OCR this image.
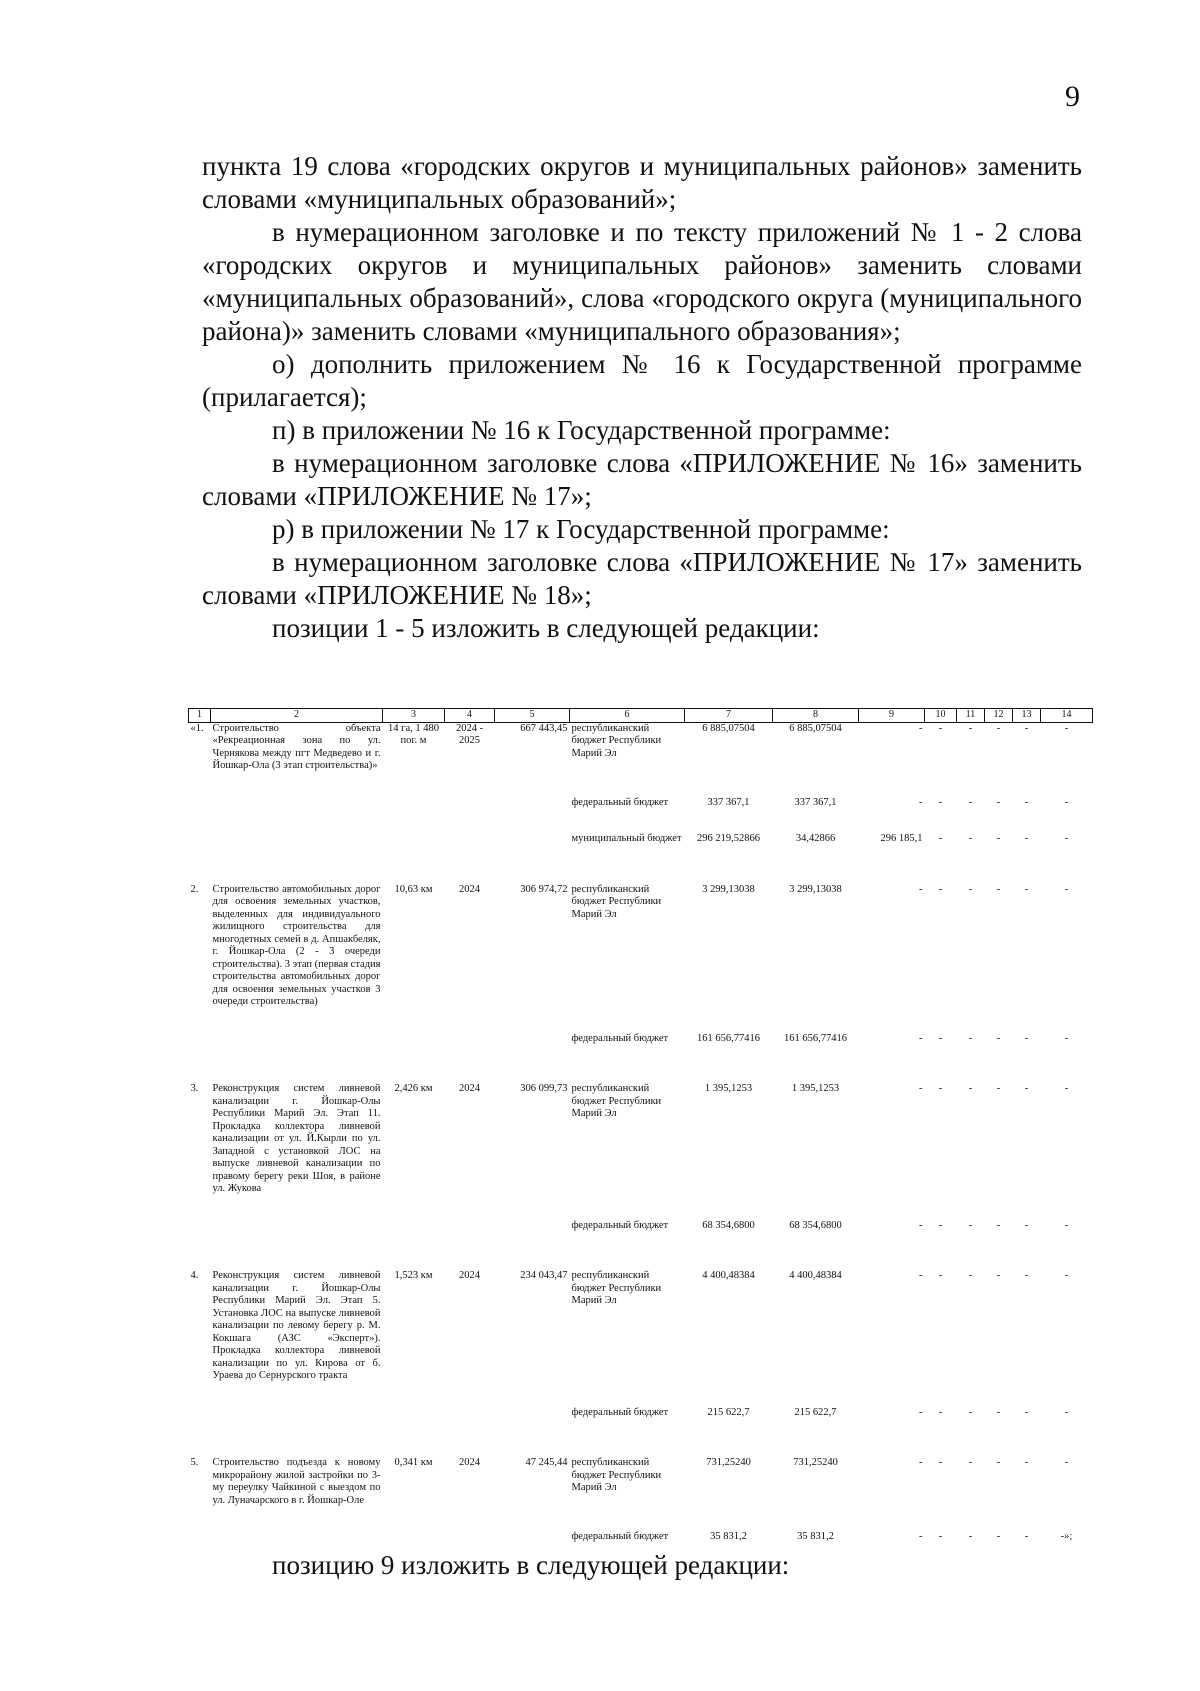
9

пункта 19 слова «городских округов и муниципальных районов» заменить словами «муниципальных образований»;

в нумерационном заголовке и по тексту приложений № 1 - 2 слова «городских округов и муниципальных районов» заменить словами «муниципальных образований», слова «городского округа (муниципального района)» заменить словами «муниципального образования»;

о) дополнить приложением № 16 к Государственной программе (прилагается);

п) в приложении № 16 к Государственной программе:

в нумерационном заголовке слова «ПРИЛОЖЕНИЕ № 16» заменить словами «ПРИЛОЖЕНИЕ № 17»;

р) в приложении № 17 к Государственной программе:

в нумерационном заголовке слова «ПРИЛОЖЕНИЕ № 17» заменить словами «ПРИЛОЖЕНИЕ № 18»;

позиции 1 - 5 изложить в следующей редакции:

1	2	3	4	5	6	7	8	9	10	11	12	13	14
«1.	Строительство объекта «Рекреационная зона по ул. Чернякова между пгт Медведево и г. Йошкар-Ола (3 этап строительства)»	14 га, 1 480 пог. м	2024 - 2025	667 443,45	республиканский бюджет Республики Марий Эл	6 885,07504	6 885,07504	-	-	-	-	-	-

					федеральный бюджет	337 367,1	337 367,1	-	-	-	-	-	-

					муниципальный бюджет	296 219,52866	34,42866	296 185,1	-	-	-	-	-

2.	Строительство автомобильных дорог для освоения земельных участков, выделенных для индивидуального жилищного строительства для многодетных семей в д. Апшакбеляк, г. Йошкар-Ола (2 - 3 очереди строительства). 3 этап (первая стадия строительства автомобильных дорог для освоения земельных участков 3 очереди строительства)	10,63 км	2024	306 974,72	республиканский бюджет Республики Марий Эл	3 299,13038	3 299,13038	-	-	-	-	-	-

					федеральный бюджет	161 656,77416	161 656,77416	-	-	-	-	-	-

3.	Реконструкция систем ливневой канализации г. Йошкар-Олы Республики Марий Эл. Этап 11. Прокладка коллектора ливневой канализации от ул. Й.Кырли по ул. Западной с установкой ЛОС на выпуске ливневой канализации по правому берегу реки Шоя, в районе ул. Жукова	2,426 км	2024	306 099,73	республиканский бюджет Республики Марий Эл	1 395,1253	1 395,1253	-	-	-	-	-	-

					федеральный бюджет	68 354,6800	68 354,6800	-	-	-	-	-	-

4.	Реконструкция систем ливневой канализации г. Йошкар-Олы Республики Марий Эл. Этап 5. Установка ЛОС на выпуске ливневой канализации по левому берегу р. М. Кокшага (АЗС «Эксперт»). Прокладка коллектора ливневой канализации по ул. Кирова от б. Ураева до Сернурского тракта	1,523 км	2024	234 043,47	республиканский бюджет Республики Марий Эл	4 400,48384	4 400,48384	-	-	-	-	-	-

					федеральный бюджет	215 622,7	215 622,7	-	-	-	-	-	-

5.	Строительство подъезда к новому микрорайону жилой застройки по 3-му переулку Чайкиной с выездом по ул. Луначарского в г. Йошкар-Оле	0,341 км	2024	47 245,44	республиканский бюджет Республики Марий Эл	731,25240	731,25240	-	-	-	-	-	-

					федеральный бюджет	35 831,2	35 831,2	-	-	-	-	-	-»;
позицию 9 изложить в следующей редакции:
